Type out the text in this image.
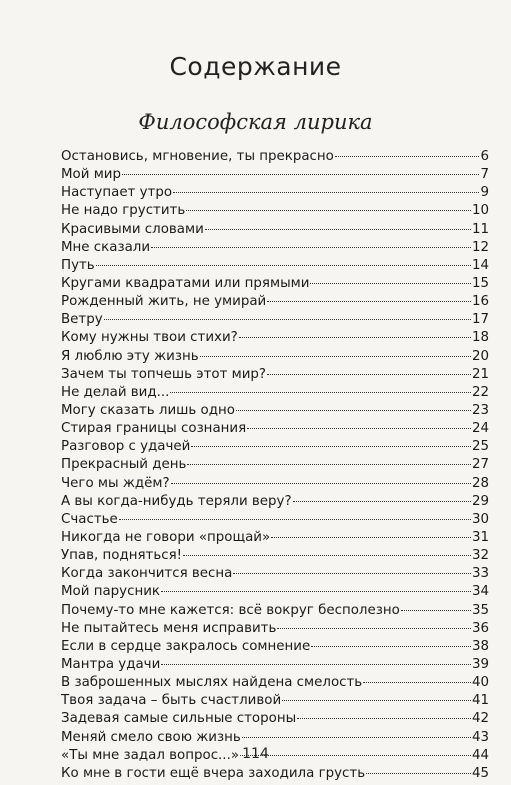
Содержание
Философская лирика
Остановись, мгновение, ты прекрасно	6
Мой мир	7
Наступает утро	9
Не надо грустить	10
Красивыми словами	11
Мне сказали	12
Путь	14
Кругами квадратами или прямыми	15
Рожденный жить, не умирай	16
Ветру	17
Кому нужны твои стихи?	18
Я люблю эту жизнь	20
Зачем ты топчешь этот мир?	21
Не делай вид...	22
Могу сказать лишь одно	23
Стирая границы сознания	24
Разговор с удачей	25
Прекрасный день	27
Чего мы ждём?	28
А вы когда-нибудь теряли веру?	29
Счастье	30
Никогда не говори «прощай»	31
Упав, подняться!	32
Когда закончится весна	33
Мой парусник	34
Почему-то мне кажется: всё вокруг бесполезно	35
Не пытайтесь меня исправить	36
Если в сердце закралось сомнение	38
Мантра удачи	39
В заброшенных мыслях найдена смелость	40
Твоя задача – быть счастливой	41
Задевая самые сильные стороны	42
Меняй смело свою жизнь	43
«Ты мне задал вопрос...»	44
Ко мне в гости ещё вчера заходила грусть	45
114
